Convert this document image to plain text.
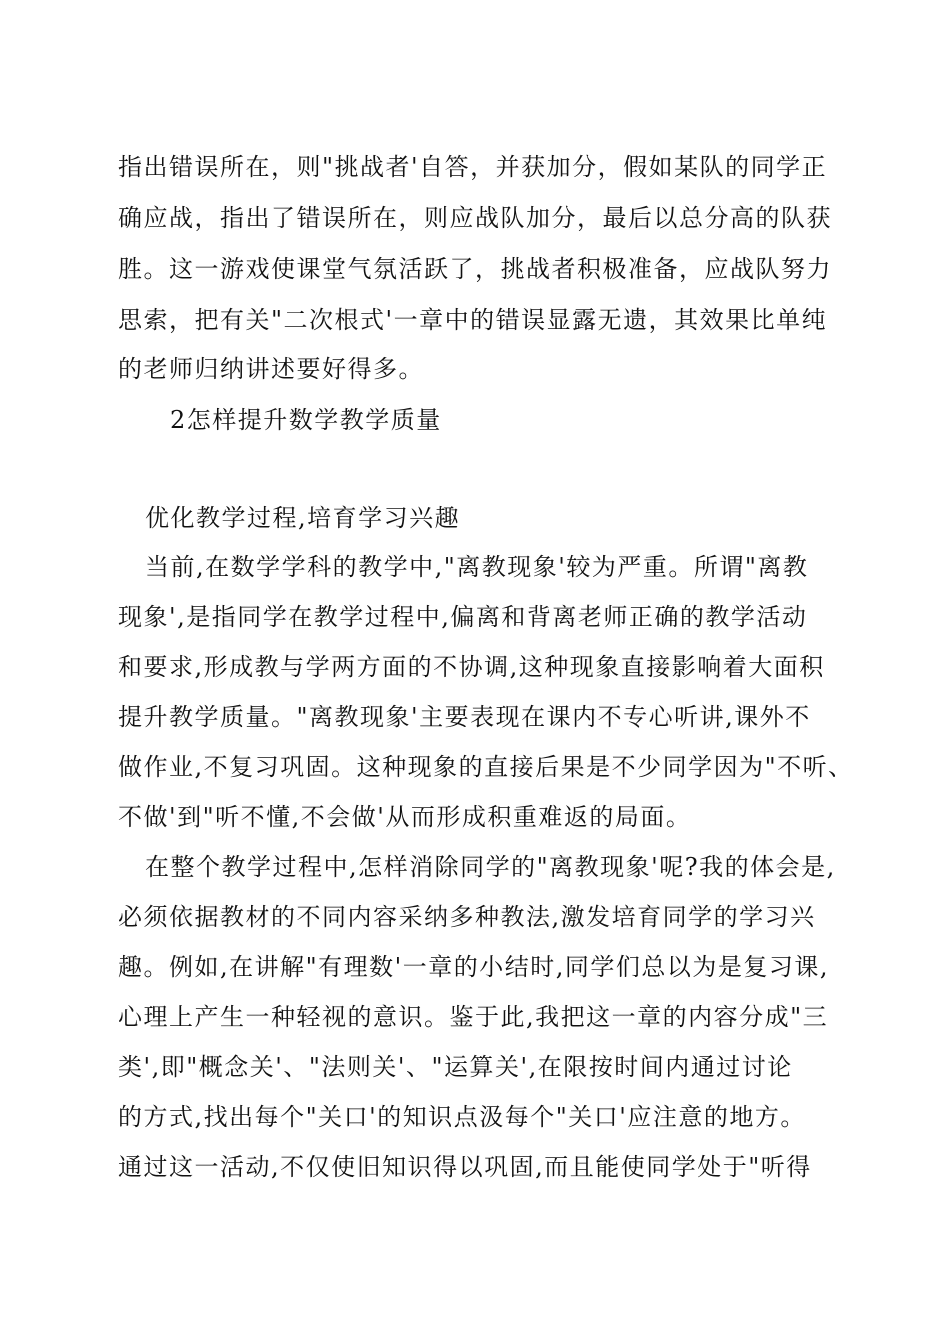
指出错误所在，则"挑战者'自答，并获加分，假如某队的同学正
确应战，指出了错误所在，则应战队加分，最后以总分高的队获
胜。这一游戏使课堂气氛活跃了，挑战者积极准备，应战队努力
思索，把有关"二次根式'一章中的错误显露无遗，其效果比单纯
的老师归纳讲述要好得多。
2怎样提升数学教学质量
优化教学过程,培育学习兴趣
当前,在数学学科的教学中,"离教现象'较为严重。所谓"离教
现象',是指同学在教学过程中,偏离和背离老师正确的教学活动
和要求,形成教与学两方面的不协调,这种现象直接影响着大面积
提升教学质量。"离教现象'主要表现在课内不专心听讲,课外不
做作业,不复习巩固。这种现象的直接后果是不少同学因为"不听、
不做'到"听不懂,不会做'从而形成积重难返的局面。
在整个教学过程中,怎样消除同学的"离教现象'呢?我的体会是,
必须依据教材的不同内容采纳多种教法,激发培育同学的学习兴
趣。例如,在讲解"有理数'一章的小结时,同学们总以为是复习课,
心理上产生一种轻视的意识。鉴于此,我把这一章的内容分成"三
类',即"概念关'、"法则关'、"运算关',在限按时间内通过讨论
的方式,找出每个"关口'的知识点汲每个"关口'应注意的地方。
通过这一活动,不仅使旧知识得以巩固,而且能使同学处于"听得
